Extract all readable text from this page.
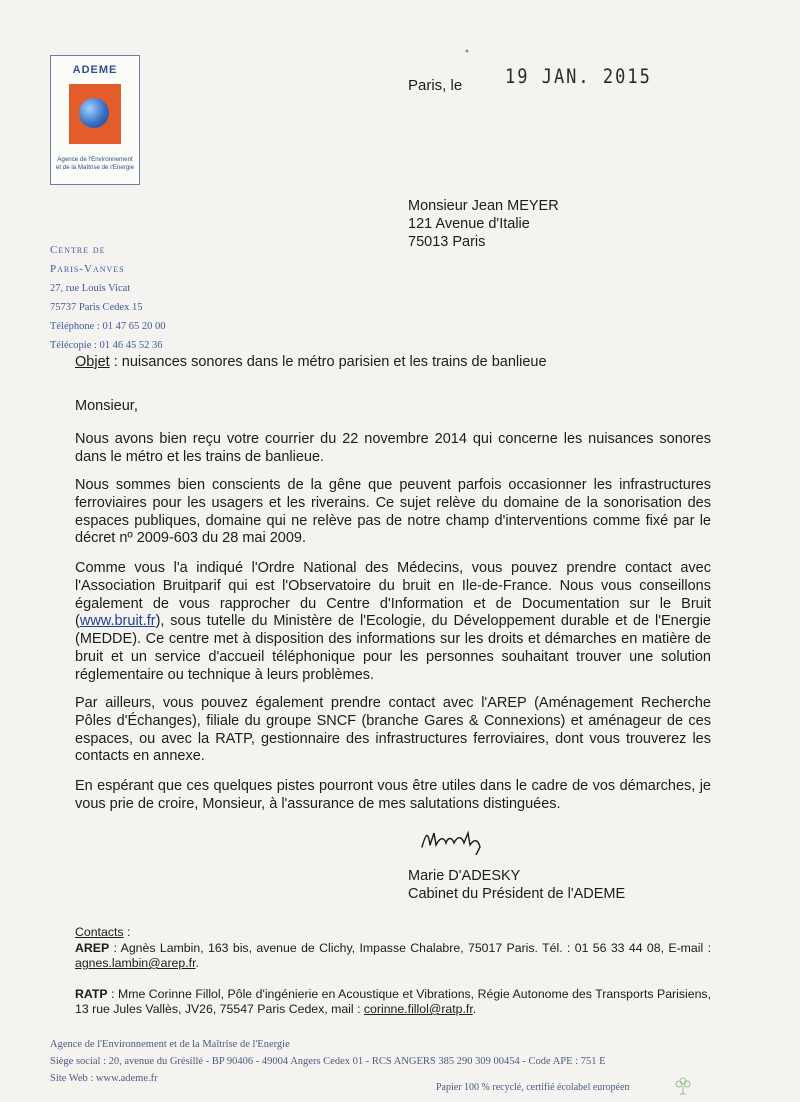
ADEME
Agence de l'Environnement
et de la Maîtrise de l'Energie
Centre de
Paris-Vanves
27, rue Louis Vicat
75737 Paris Cedex 15
Téléphone : 01 47 65 20 00
Télécopie : 01 46 45 52 36
Paris, le	19 JAN. 2015
Monsieur Jean MEYER
121 Avenue d'Italie
75013 Paris
Objet : nuisances sonores dans le métro parisien et les trains de banlieue
Monsieur,
Nous avons bien reçu votre courrier du 22 novembre 2014 qui concerne les nuisances sonores dans le métro et les trains de banlieue.
Nous sommes bien conscients de la gêne que peuvent parfois occasionner les infrastructures ferroviaires pour les usagers et les riverains. Ce sujet relève du domaine de la sonorisation des espaces publiques, domaine qui ne relève pas de notre champ d'interventions comme fixé par le décret nº 2009-603 du 28 mai 2009.
Comme vous l'a indiqué l'Ordre National des Médecins, vous pouvez prendre contact avec l'Association Bruitparif qui est l'Observatoire du bruit en Ile-de-France. Nous vous conseillons également de vous rapprocher du Centre d'Information et de Documentation sur le Bruit (www.bruit.fr), sous tutelle du Ministère de l'Ecologie, du Développement durable et de l'Energie (MEDDE). Ce centre met à disposition des informations sur les droits et démarches en matière de bruit et un service d'accueil téléphonique pour les personnes souhaitant trouver une solution réglementaire ou technique à leurs problèmes.
Par ailleurs, vous pouvez également prendre contact avec l'AREP (Aménagement Recherche Pôles d'Échanges), filiale du groupe SNCF (branche Gares & Connexions) et aménageur de ces espaces, ou avec la RATP, gestionnaire des infrastructures ferroviaires, dont vous trouverez les contacts en annexe.
En espérant que ces quelques pistes pourront vous être utiles dans le cadre de vos démarches, je vous prie de croire, Monsieur, à l'assurance de mes salutations distinguées.
Marie D'ADESKY
Cabinet du Président de l'ADEME
Contacts :
AREP : Agnès Lambin, 163 bis, avenue de Clichy, Impasse Chalabre, 75017 Paris. Tél. : 01 56 33 44 08, E-mail : agnes.lambin@arep.fr.
RATP : Mme Corinne Fillol, Pôle d'ingénierie en Acoustique et Vibrations, Régie Autonome des Transports Parisiens, 13 rue Jules Vallès, JV26, 75547 Paris Cedex, mail : corinne.fillol@ratp.fr.
Agence de l'Environnement et de la Maîtrise de l'Energie
Siège social : 20, avenue du Grésillé - BP 90406 - 49004 Angers Cedex 01 - RCS ANGERS 385 290 309 00454 - Code APE : 751 E
Site Web : www.ademe.fr
Papier 100 % recyclé, certifié écolabel européen
